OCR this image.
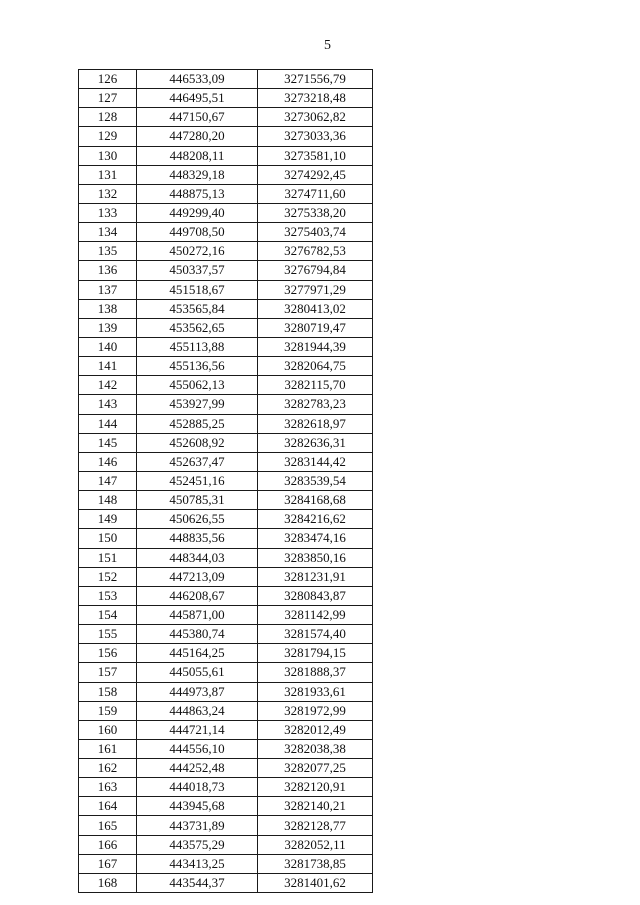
5
126	446533,09	3271556,79
127	446495,51	3273218,48
128	447150,67	3273062,82
129	447280,20	3273033,36
130	448208,11	3273581,10
131	448329,18	3274292,45
132	448875,13	3274711,60
133	449299,40	3275338,20
134	449708,50	3275403,74
135	450272,16	3276782,53
136	450337,57	3276794,84
137	451518,67	3277971,29
138	453565,84	3280413,02
139	453562,65	3280719,47
140	455113,88	3281944,39
141	455136,56	3282064,75
142	455062,13	3282115,70
143	453927,99	3282783,23
144	452885,25	3282618,97
145	452608,92	3282636,31
146	452637,47	3283144,42
147	452451,16	3283539,54
148	450785,31	3284168,68
149	450626,55	3284216,62
150	448835,56	3283474,16
151	448344,03	3283850,16
152	447213,09	3281231,91
153	446208,67	3280843,87
154	445871,00	3281142,99
155	445380,74	3281574,40
156	445164,25	3281794,15
157	445055,61	3281888,37
158	444973,87	3281933,61
159	444863,24	3281972,99
160	444721,14	3282012,49
161	444556,10	3282038,38
162	444252,48	3282077,25
163	444018,73	3282120,91
164	443945,68	3282140,21
165	443731,89	3282128,77
166	443575,29	3282052,11
167	443413,25	3281738,85
168	443544,37	3281401,62
